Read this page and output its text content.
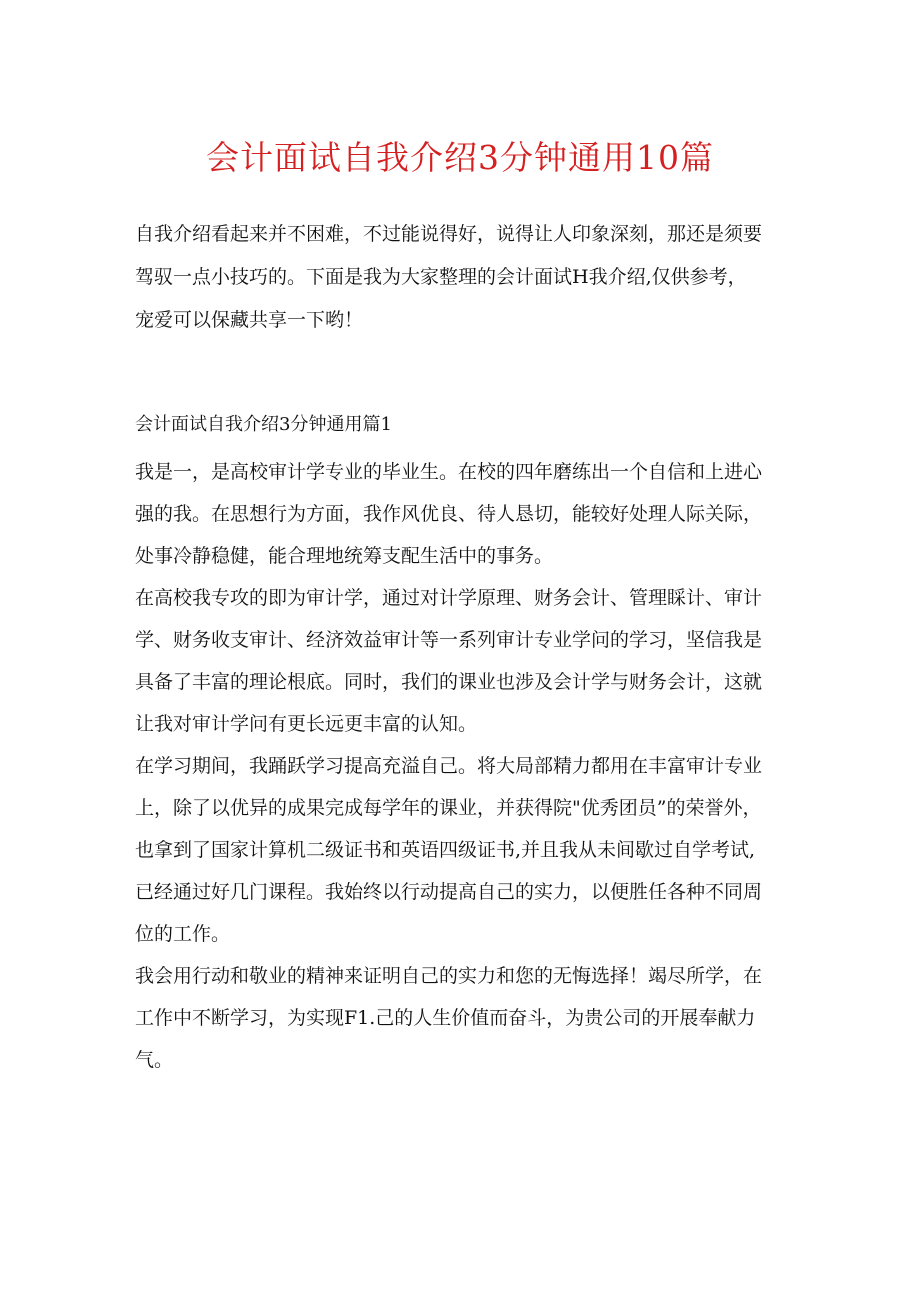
会计面试自我介绍3分钟通用10篇

自我介绍看起来并不困难，不过能说得好，说得让人印象深刻，那还是须要
驾驭一点小技巧的。下面是我为大家整理的会计面试H我介绍,仅供参考，
宠爱可以保藏共享一下哟！

会计面试自我介绍3分钟通用篇1

我是一，是高校审计学专业的毕业生。在校的四年磨练出一个自信和上进心
强的我。在思想行为方面，我作风优良、待人恳切，能较好处理人际关际，
处事冷静稳健，能合理地统筹支配生活中的事务。

在高校我专攻的即为审计学，通过对计学原理、财务会计、管理睬计、审计
学、财务收支审计、经济效益审计等一系列审计专业学问的学习，坚信我是
具备了丰富的理论根底。同时，我们的课业也涉及会计学与财务会计，这就
让我对审计学问有更长远更丰富的认知。

在学习期间，我踊跃学习提高充溢自己。将大局部精力都用在丰富审计专业
上，除了以优异的成果完成每学年的课业，并获得院"优秀团员”的荣誉外，
也拿到了国家计算机二级证书和英语四级证书,并且我从未间歇过自学考试,
已经通过好几门课程。我始终以行动提高自己的实力，以便胜任各种不同周
位的工作。

我会用行动和敬业的精神来证明自己的实力和您的无悔选择！竭尽所学，在
工作中不断学习，为实现F1.己的人生价值而奋斗，为贵公司的开展奉献力
气。
